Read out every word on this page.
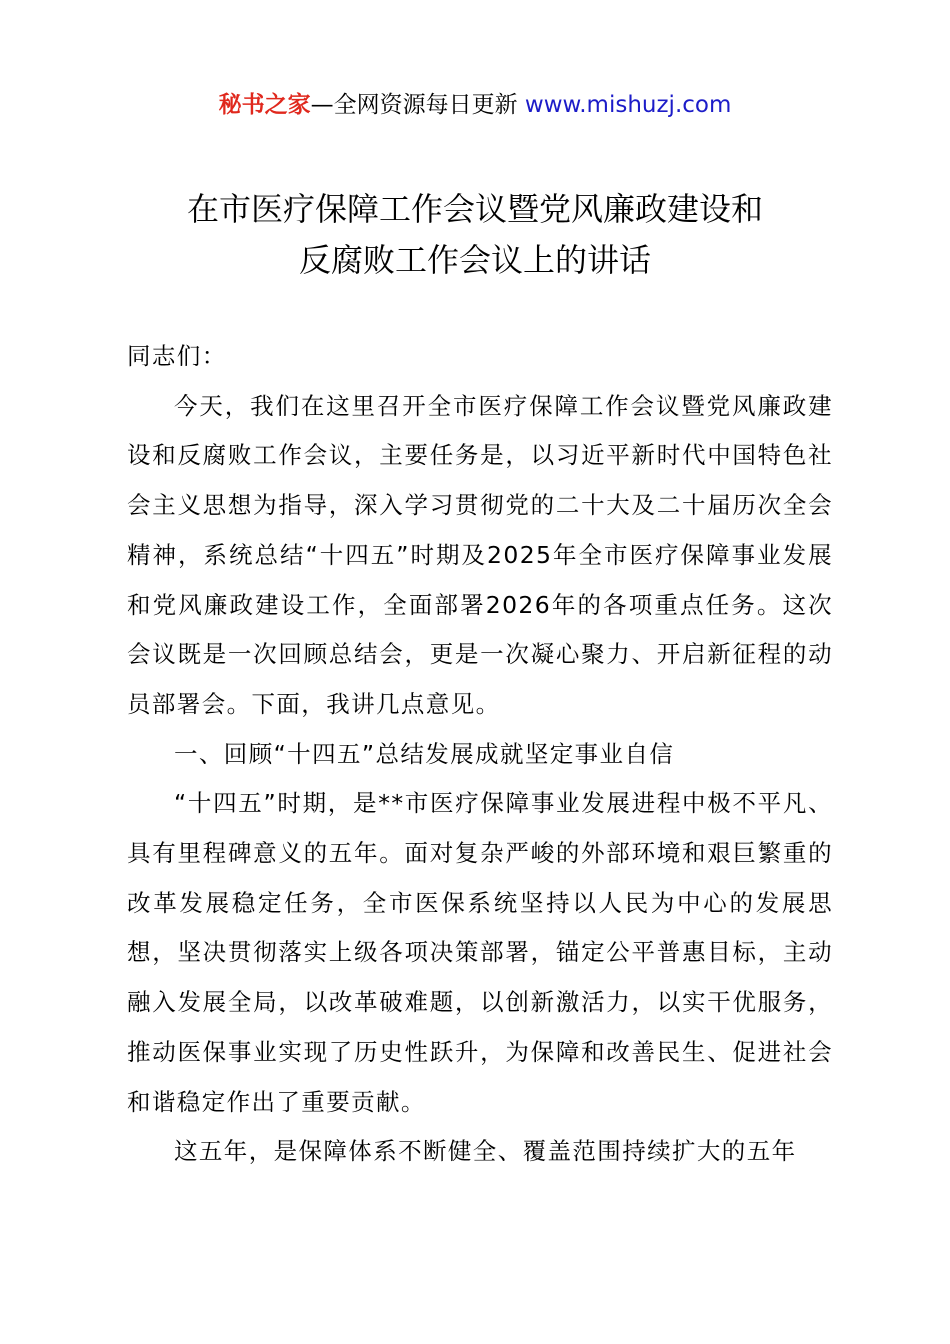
秘书之家—全网资源每日更新 www.mishuzj.com
在市医疗保障工作会议暨党风廉政建设和
反腐败工作会议上的讲话

同志们：

今天，我们在这里召开全市医疗保障工作会议暨党风廉政建设和反腐败工作会议，主要任务是，以习近平新时代中国特色社会主义思想为指导，深入学习贯彻党的二十大及二十届历次全会精神，系统总结“十四五”时期及2025年全市医疗保障事业发展和党风廉政建设工作，全面部署2026年的各项重点任务。这次会议既是一次回顾总结会，更是一次凝心聚力、开启新征程的动员部署会。下面，我讲几点意见。

一、回顾“十四五”总结发展成就坚定事业自信

“十四五”时期，是**市医疗保障事业发展进程中极不平凡、具有里程碑意义的五年。面对复杂严峻的外部环境和艰巨繁重的改革发展稳定任务，全市医保系统坚持以人民为中心的发展思想，坚决贯彻落实上级各项决策部署，锚定公平普惠目标，主动融入发展全局，以改革破难题，以创新激活力，以实干优服务，推动医保事业实现了历史性跃升，为保障和改善民生、促进社会和谐稳定作出了重要贡献。

这五年，是保障体系不断健全、覆盖范围持续扩大的五年
